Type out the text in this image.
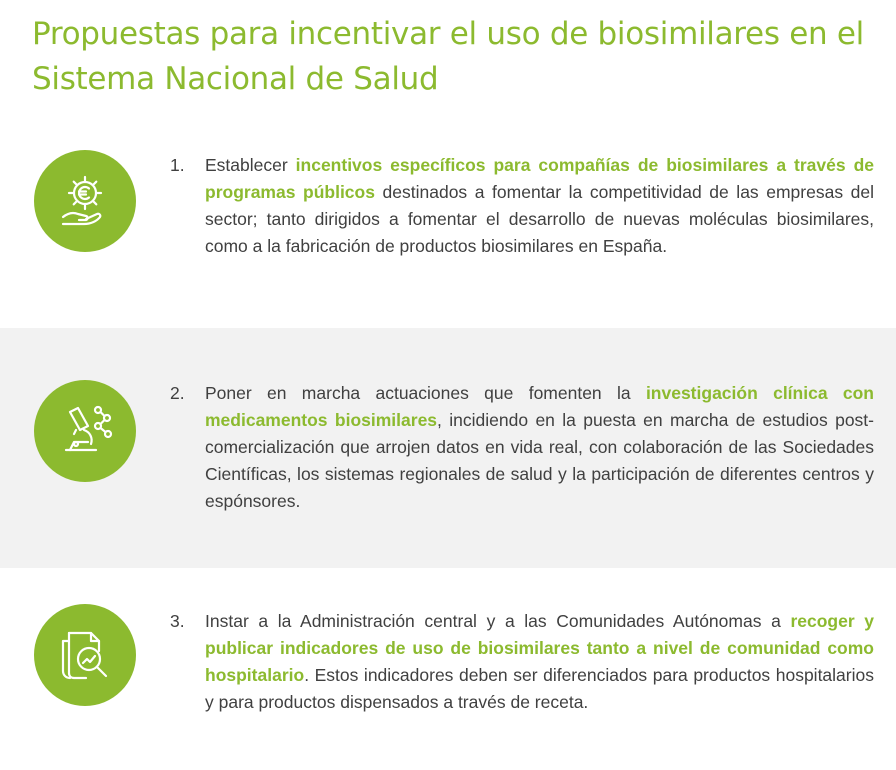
Propuestas para incentivar el uso de biosimilares en el Sistema Nacional de Salud
1.	Establecer incentivos específicos para compañías de biosimilares a través de programas públicos destinados a fomentar la competitividad de las empresas del sector; tanto dirigidos a fomentar el desarrollo de nuevas moléculas biosimilares, como a la fabricación de productos biosimilares en España.
2.	Poner en marcha actuaciones que fomenten la investigación clínica con medicamentos biosimilares, incidiendo en la puesta en marcha de estudios post-comercialización que arrojen datos en vida real, con colaboración de las Sociedades Científicas, los sistemas regionales de salud y la participación de diferentes centros y espónsores.
3.	Instar a la Administración central y a las Comunidades Autónomas a recoger y publicar indicadores de uso de biosimilares tanto a nivel de comunidad como hospitalario. Estos indicadores deben ser diferenciados para productos hospitalarios y para productos dispensados a través de receta.
